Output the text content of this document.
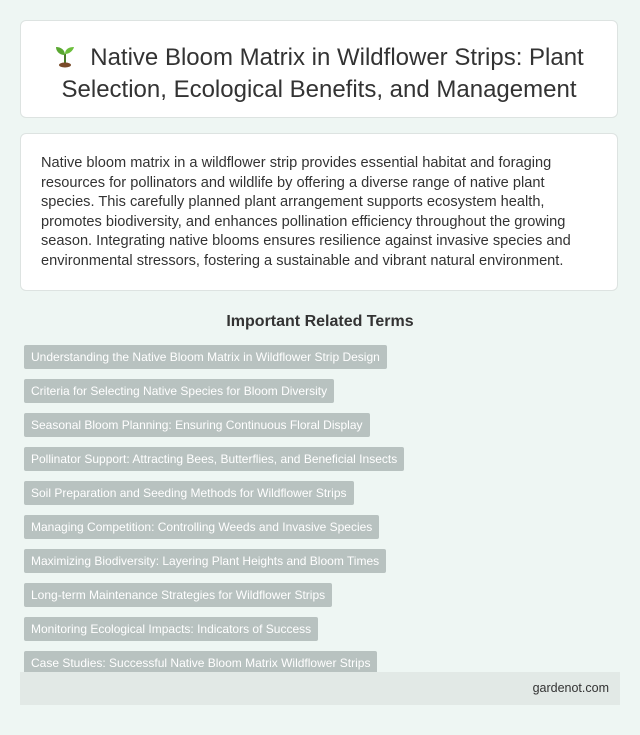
Native Bloom Matrix in Wildflower Strips: Plant Selection, Ecological Benefits, and Management

Native bloom matrix in a wildflower strip provides essential habitat and foraging resources for pollinators and wildlife by offering a diverse range of native plant species. This carefully planned plant arrangement supports ecosystem health, promotes biodiversity, and enhances pollination efficiency throughout the growing season. Integrating native blooms ensures resilience against invasive species and environmental stressors, fostering a sustainable and vibrant natural environment.

Important Related Terms
Understanding the Native Bloom Matrix in Wildflower Strip Design
Criteria for Selecting Native Species for Bloom Diversity
Seasonal Bloom Planning: Ensuring Continuous Floral Display
Pollinator Support: Attracting Bees, Butterflies, and Beneficial Insects
Soil Preparation and Seeding Methods for Wildflower Strips
Managing Competition: Controlling Weeds and Invasive Species
Maximizing Biodiversity: Layering Plant Heights and Bloom Times
Long-term Maintenance Strategies for Wildflower Strips
Monitoring Ecological Impacts: Indicators of Success
Case Studies: Successful Native Bloom Matrix Wildflower Strips
gardenot.com
